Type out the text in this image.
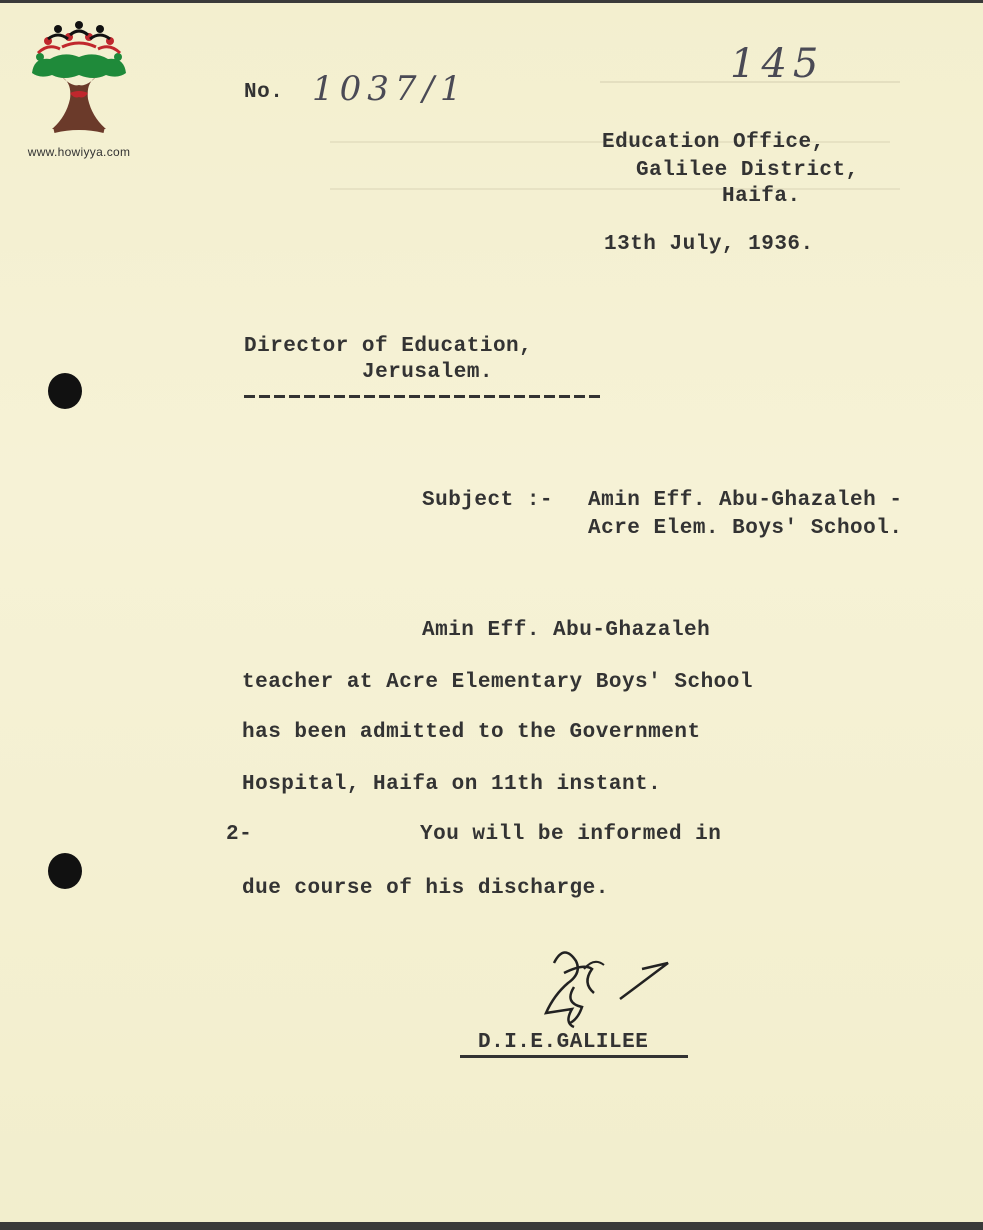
www.howiyya.com
No. 1037/1
145
Education Office,
Galilee District,
Haifa.
13th July, 1936.
Director of Education,
Jerusalem.
Subject :- Amin Eff. Abu-Ghazaleh -
Acre Elem. Boys' School.
Amin Eff. Abu-Ghazaleh
teacher at Acre Elementary Boys' School
has been admitted to the Government
Hospital, Haifa on 11th instant.
2-	You will be informed in
due course of his discharge.
D.I.E.GALILEE
